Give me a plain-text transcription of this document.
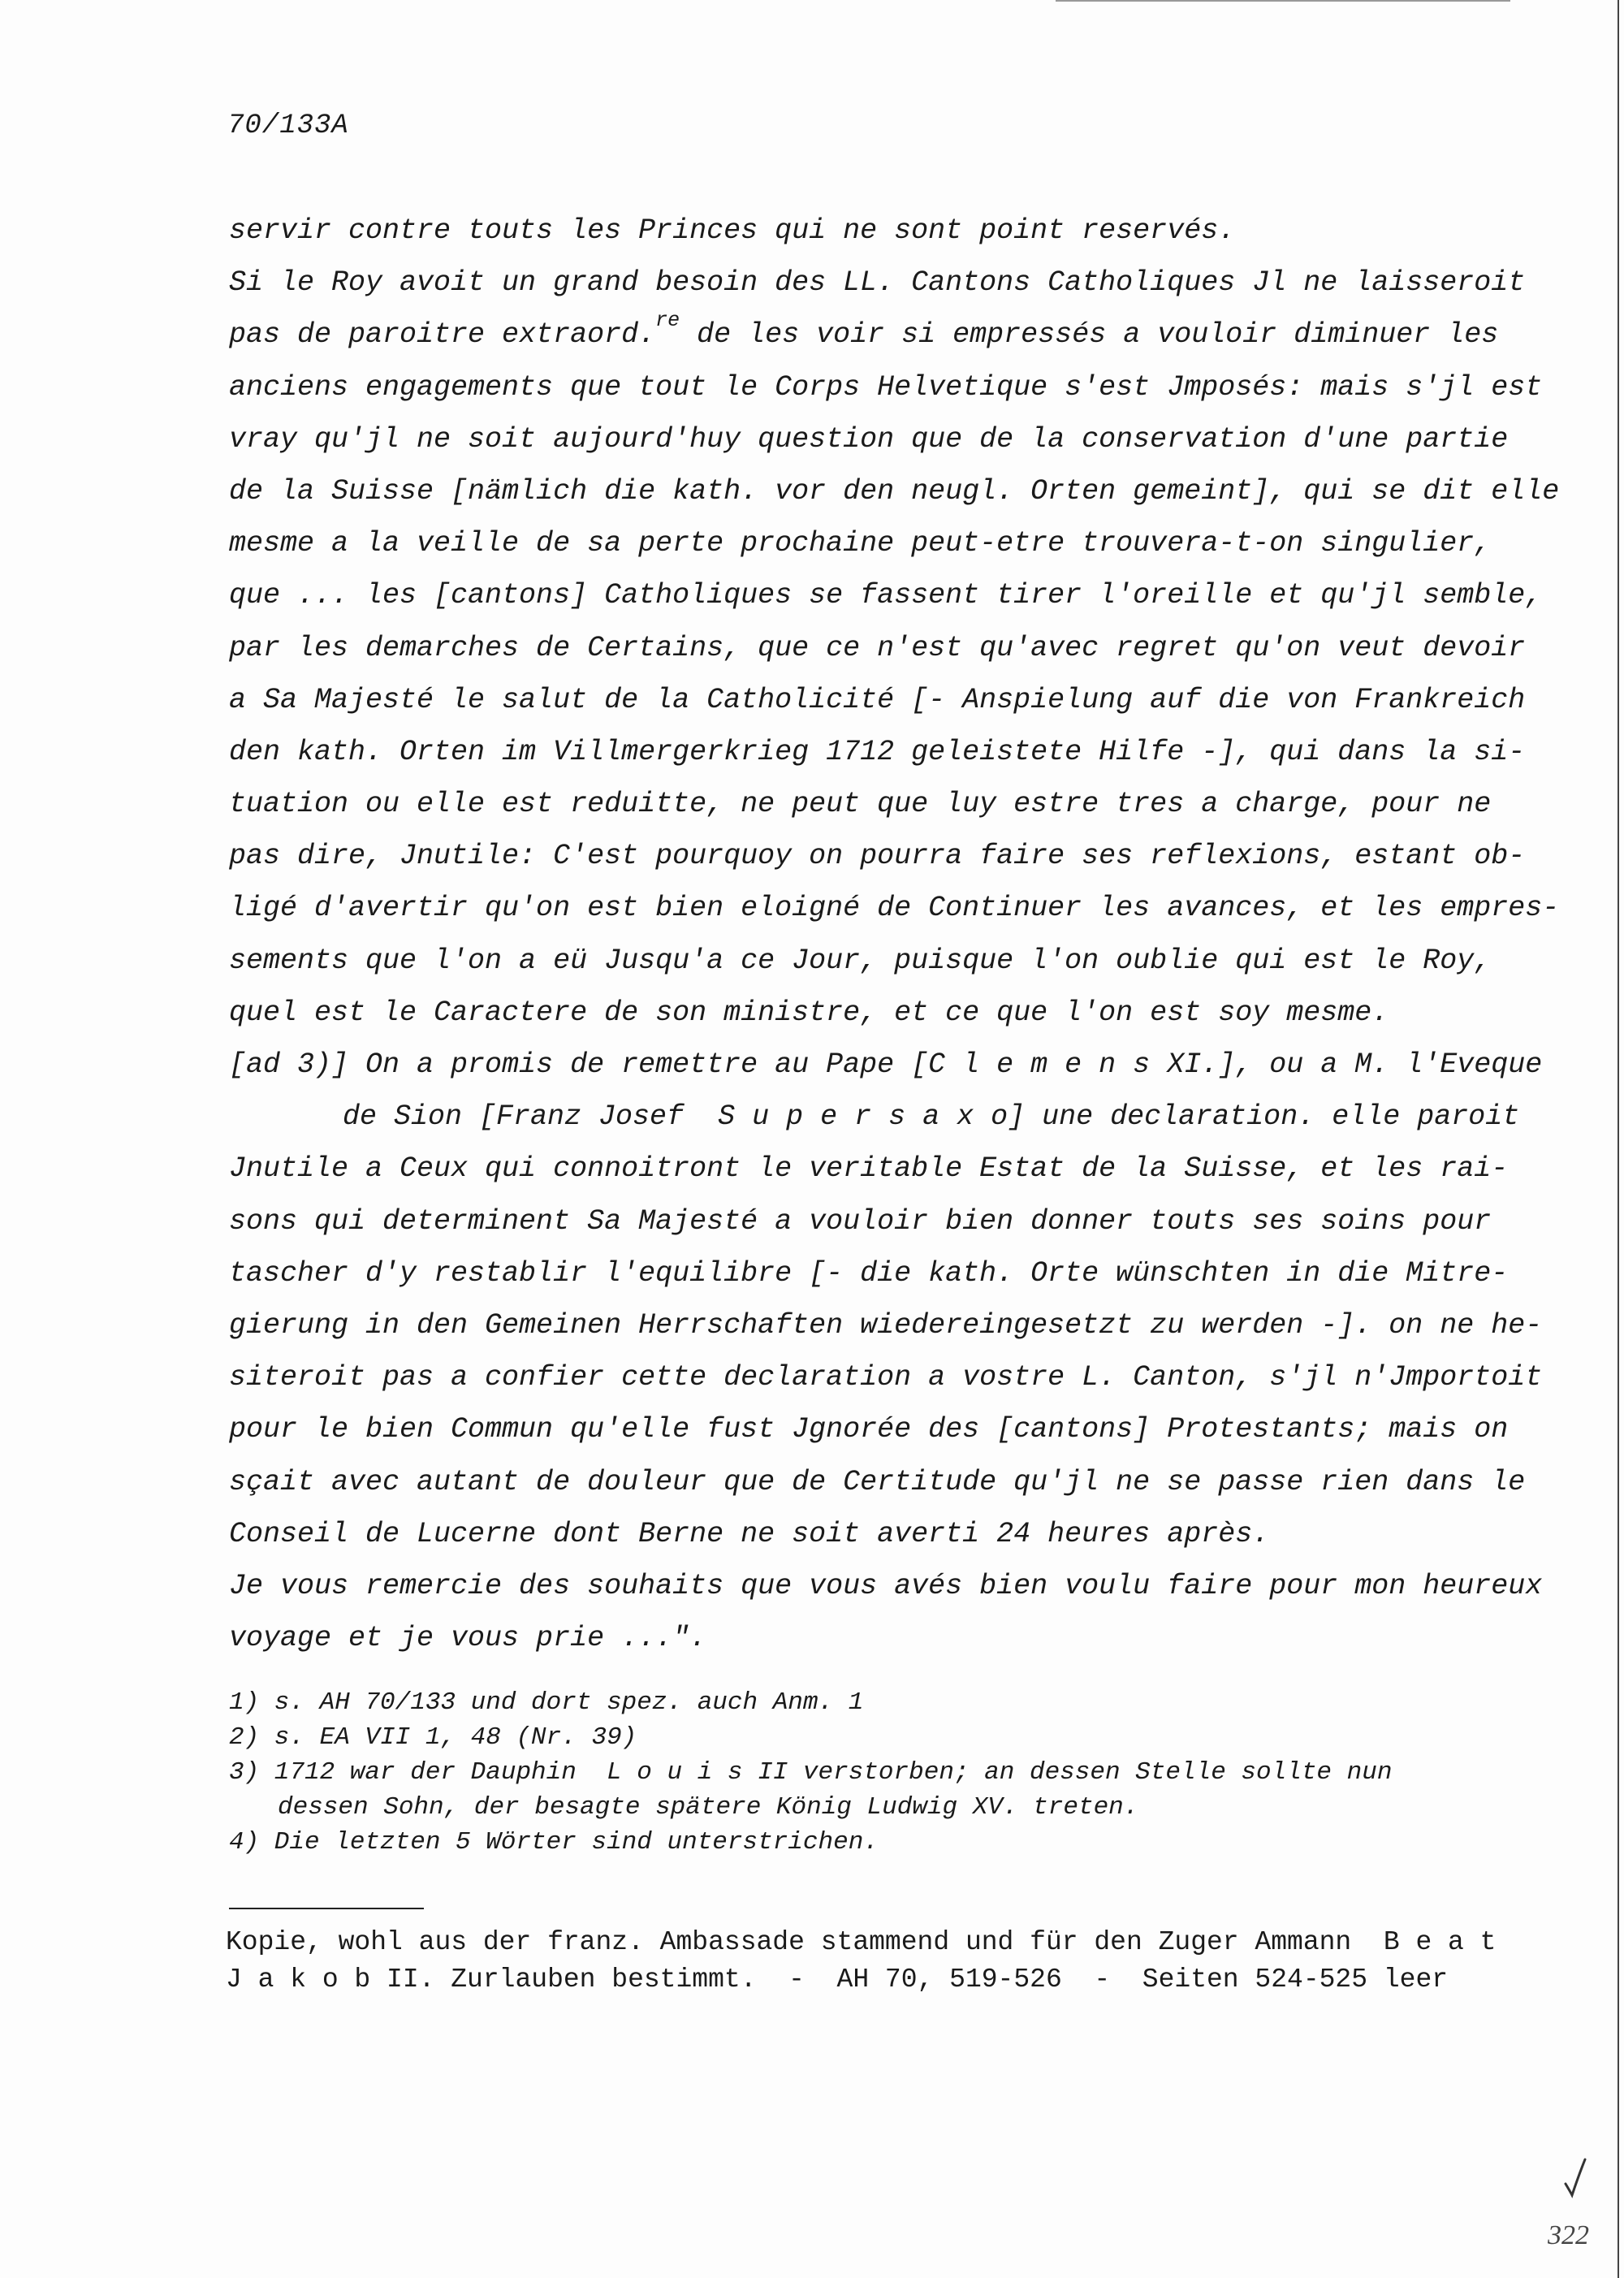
70/133A
servir contre touts les Princes qui ne sont point reservés.
Si le Roy avoit un grand besoin des LL. Cantons Catholiques Jl ne laisseroit
pas de paroitre extraord.$^{re}$ de les voir si empressés a vouloir diminuer les
anciens engagements que tout le Corps Helvetique s'est Jmposés: mais s'jl est
vray qu'jl ne soit aujourd'huy question que de la conservation d'une partie
de la Suisse [nämlich die kath. vor den neugl. Orten gemeint], qui se dit elle
mesme a la veille de sa perte prochaine peut-etre trouvera-t-on singulier,
que ... les [cantons] Catholiques se fassent tirer l'oreille et qu'jl semble,
par les demarches de Certains, que ce n'est qu'avec regret qu'on veut devoir
a Sa Majesté le salut de la Catholicité [- Anspielung auf die von Frankreich
den kath. Orten im Villmergerkrieg 1712 geleistete Hilfe -], qui dans la si-
tuation ou elle est reduitte, ne peut que luy estre tres a charge, pour ne
pas dire, Jnutile: C'est pourquoy on pourra faire ses reflexions, estant ob-
ligé d'avertir qu'on est bien eloigné de Continuer les avances, et les empres-
sements que l'on a eü Jusqu'a ce Jour, puisque l'on oublie qui est le Roy,
quel est le Caractere de son ministre, et ce que l'on est soy mesme.
[ad 3)] On a promis de remettre au Pape [C l e m e n s XI.], ou a M. l'Eveque
de Sion [Franz Josef  S u p e r s a x o] une declaration. elle paroit
Jnutile a Ceux qui connoitront le veritable Estat de la Suisse, et les rai-
sons qui determinent Sa Majesté a vouloir bien donner touts ses soins pour
tascher d'y restablir l'equilibre [- die kath. Orte wünschten in die Mitre-
gierung in den Gemeinen Herrschaften wiedereingesetzt zu werden -]. on ne he-
siteroit pas a confier cette declaration a vostre L. Canton, s'jl n'Jmportoit
pour le bien Commun qu'elle fust Jgnorée des [cantons] Protestants; mais on
sçait avec autant de douleur que de Certitude qu'jl ne se passe rien dans le
Conseil de Lucerne dont Berne ne soit averti 24 heures après.
Je vous remercie des souhaits que vous avés bien voulu faire pour mon heureux
voyage et je vous prie ...".
1) s. AH 70/133 und dort spez. auch Anm. 1
2) s. EA VII 1, 48 (Nr. 39)
3) 1712 war der Dauphin  L o u i s II verstorben; an dessen Stelle sollte nun
dessen Sohn, der besagte spätere König Ludwig XV. treten.
4) Die letzten 5 Wörter sind unterstrichen.
Kopie, wohl aus der franz. Ambassade stammend und für den Zuger Ammann  B e a t
J a k o b II. Zurlauben bestimmt.  -  AH 70, 519-526  -  Seiten 524-525 leer
322
